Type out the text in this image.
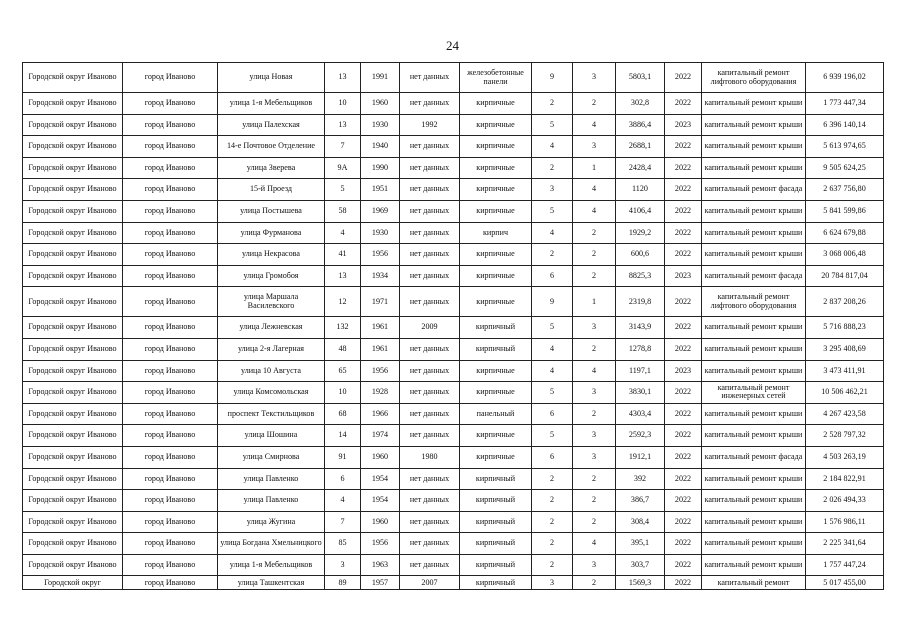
24
Городской округ Иваново	город Иваново	улица Новая	13	1991	нет данных	железобетонные панели	9	3	5803,1	2022	капитальный ремонт лифтового оборудования	6 939 196,02
Городской округ Иваново	город Иваново	улица 1-я Мебельщиков	10	1960	нет данных	кирпичные	2	2	302,8	2022	капитальный ремонт крыши	1 773 447,34
Городской округ Иваново	город Иваново	улица Палехская	13	1930	1992	кирпичные	5	4	3886,4	2023	капитальный ремонт крыши	6 396 140,14
Городской округ Иваново	город Иваново	14-е Почтовое Отделение	7	1940	нет данных	кирпичные	4	3	2688,1	2022	капитальный ремонт крыши	5 613 974,65
Городской округ Иваново	город Иваново	улица Зверева	9А	1990	нет данных	кирпичные	2	1	2428,4	2022	капитальный ремонт крыши	9 505 624,25
Городской округ Иваново	город Иваново	15-й Проезд	5	1951	нет данных	кирпичные	3	4	1120	2022	капитальный ремонт фасада	2 637 756,80
Городской округ Иваново	город Иваново	улица Постышева	58	1969	нет данных	кирпичные	5	4	4106,4	2022	капитальный ремонт крыши	5 841 599,86
Городской округ Иваново	город Иваново	улица Фурманова	4	1930	нет данных	кирпич	4	2	1929,2	2022	капитальный ремонт крыши	6 624 679,88
Городской округ Иваново	город Иваново	улица Некрасова	41	1956	нет данных	кирпичные	2	2	600,6	2022	капитальный ремонт крыши	3 068 006,48
Городской округ Иваново	город Иваново	улица Громобоя	13	1934	нет данных	кирпичные	6	2	8825,3	2023	капитальный ремонт фасада	20 784 817,04
Городской округ Иваново	город Иваново	улица Маршала Василевского	12	1971	нет данных	кирпичные	9	1	2319,8	2022	капитальный ремонт лифтового оборудования	2 837 208,26
Городской округ Иваново	город Иваново	улица Лежневская	132	1961	2009	кирпичный	5	3	3143,9	2022	капитальный ремонт крыши	5 716 888,23
Городской округ Иваново	город Иваново	улица 2-я Лагерная	48	1961	нет данных	кирпичный	4	2	1278,8	2022	капитальный ремонт крыши	3 295 408,69
Городской округ Иваново	город Иваново	улица 10 Августа	65	1956	нет данных	кирпичные	4	4	1197,1	2023	капитальный ремонт крыши	3 473 411,91
Городской округ Иваново	город Иваново	улица Комсомольская	10	1928	нет данных	кирпичные	5	3	3830,1	2022	капитальный ремонт инженерных сетей	10 506 462,21
Городской округ Иваново	город Иваново	проспект Текстильщиков	68	1966	нет данных	панельный	6	2	4303,4	2022	капитальный ремонт крыши	4 267 423,58
Городской округ Иваново	город Иваново	улица Шошина	14	1974	нет данных	кирпичные	5	3	2592,3	2022	капитальный ремонт крыши	2 528 797,32
Городской округ Иваново	город Иваново	улица Смирнова	91	1960	1980	кирпичные	6	3	1912,1	2022	капитальный ремонт фасада	4 503 263,19
Городской округ Иваново	город Иваново	улица Павленко	6	1954	нет данных	кирпичный	2	2	392	2022	капитальный ремонт крыши	2 184 822,91
Городской округ Иваново	город Иваново	улица Павленко	4	1954	нет данных	кирпичный	2	2	386,7	2022	капитальный ремонт крыши	2 026 494,33
Городской округ Иваново	город Иваново	улица Жугина	7	1960	нет данных	кирпичный	2	2	308,4	2022	капитальный ремонт крыши	1 576 986,11
Городской округ Иваново	город Иваново	улица Богдана Хмельницкого	85	1956	нет данных	кирпичный	2	4	395,1	2022	капитальный ремонт крыши	2 225 341,64
Городской округ Иваново	город Иваново	улица 1-я Мебельщиков	3	1963	нет данных	кирпичный	2	3	303,7	2022	капитальный ремонт крыши	1 757 447,24
Городской округ	город Иваново	улица Ташкентская	89	1957	2007	кирпичный	3	2	1569,3	2022	капитальный ремонт	5 017 455,00
